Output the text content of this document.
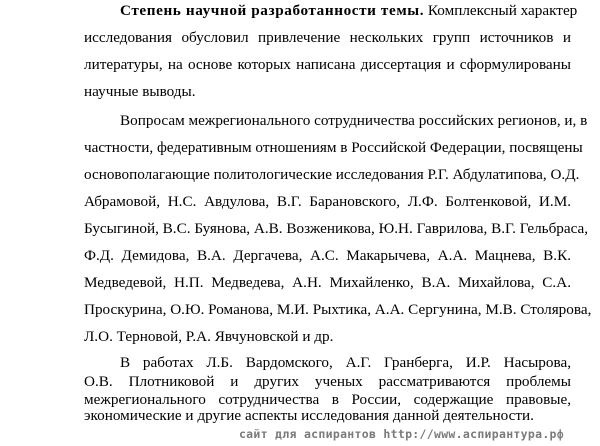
Степень научной разработанности темы. Комплексный характер
исследования обусловил привлечение нескольких групп источников и
литературы, на основе которых написана диссертация и сформулированы
научные выводы.
Вопросам межрегионального сотрудничества российских регионов, и, в
частности, федеративным отношениям в Российской Федерации, посвящены
основополагающие политологические исследования Р.Г. Абдулатипова, О.Д.
Абрамовой, Н.С. Авдулова, В.Г. Барановского, Л.Ф. Болтенковой, И.М.
Бусыгиной, В.С. Буянова, А.В. Возженикова, Ю.Н. Гаврилова, В.Г. Гельбраса,
Ф.Д. Демидова, В.А. Дергачева, А.С. Макарычева, А.А. Мацнева, В.К.
Медведевой, Н.П. Медведева, А.Н. Михайленко, В.А. Михайлова, С.А.
Проскурина, О.Ю. Романова, М.И. Рыхтика, А.А. Сергунина, М.В. Столярова,
Л.О. Терновой, Р.А. Явчуновской и др.
В работах Л.Б. Вардомского, А.Г. Гранберга, И.Р. Насырова,
О.В. Плотниковой и других ученых рассматриваются проблемы
межрегионального сотрудничества в России, содержащие правовые,
экономические и другие аспекты исследования данной деятельности.
сайт для аспирантов http://www.аспирантура.рф
